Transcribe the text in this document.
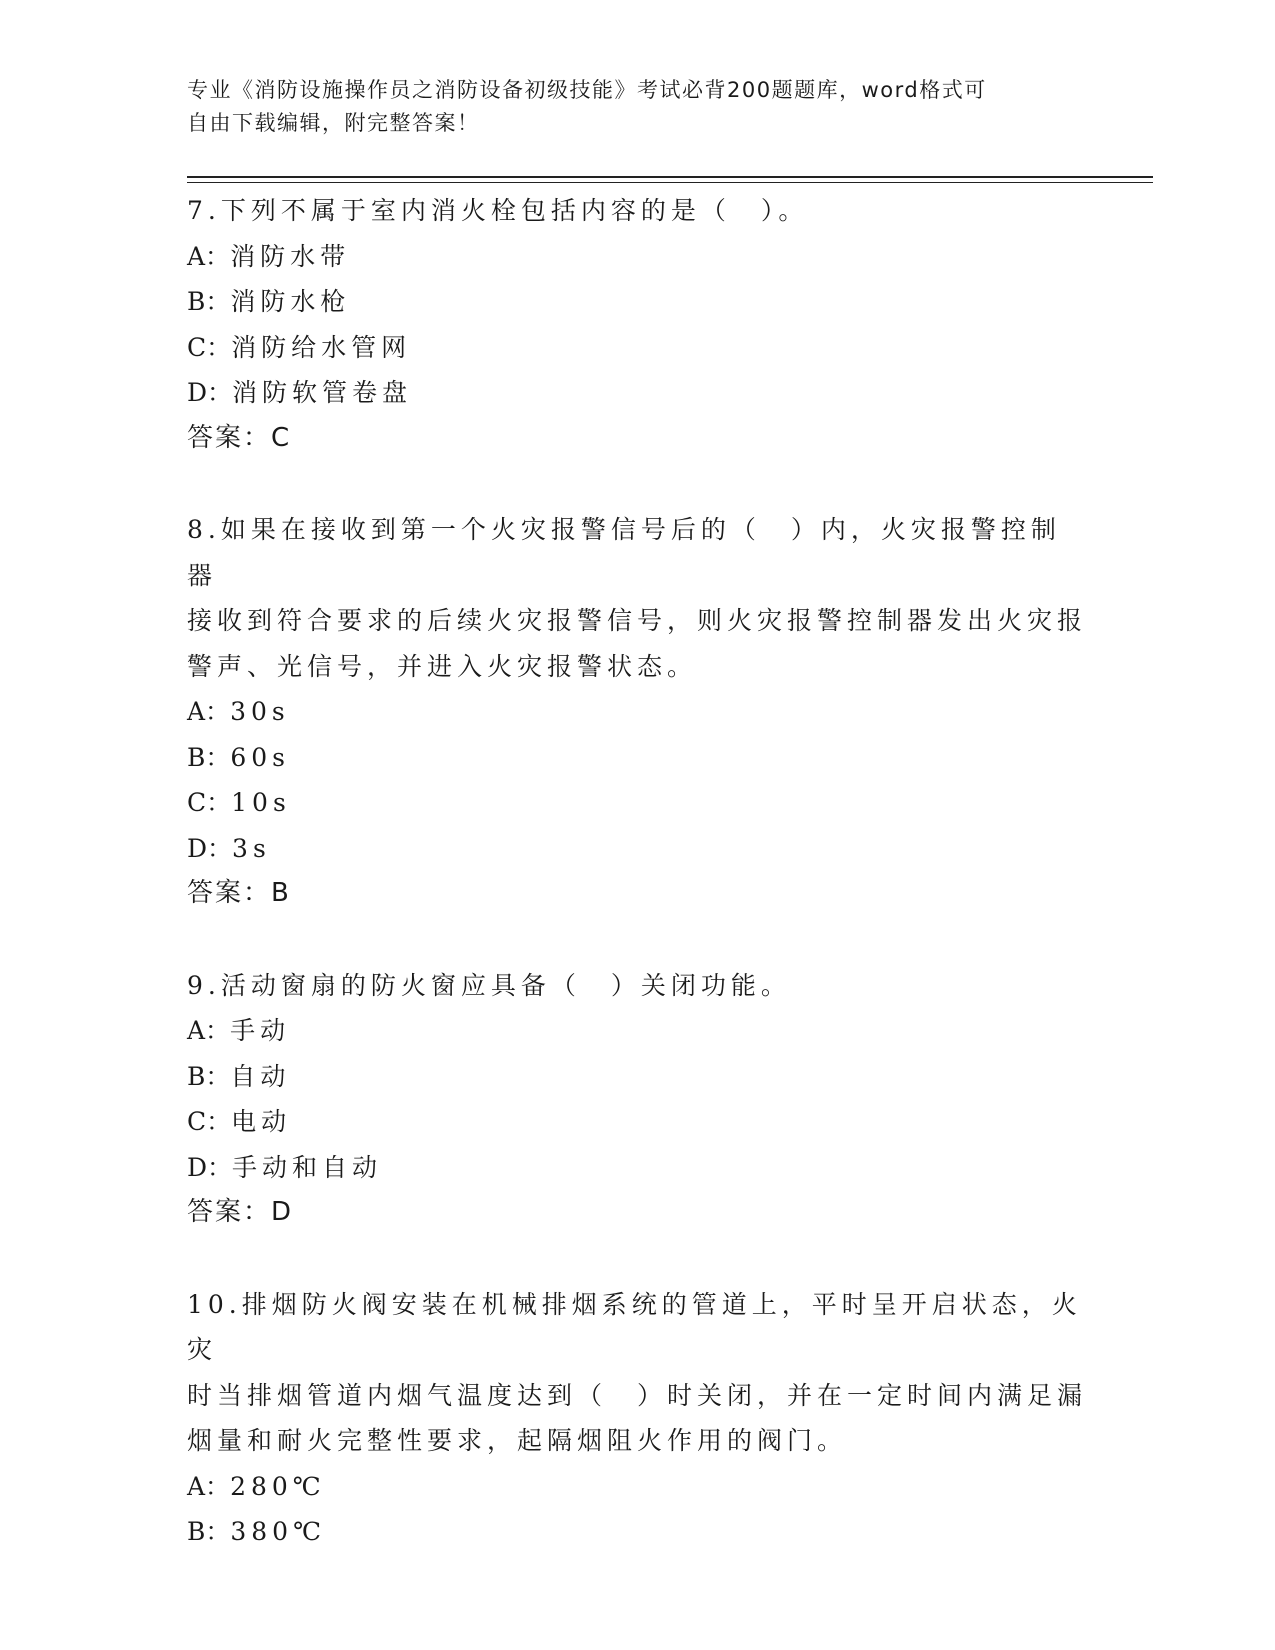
专业《消防设施操作员之消防设备初级技能》考试必背200题题库，word格式可
自由下载编辑，附完整答案！
7.下列不属于室内消火栓包括内容的是（　）。
A：消防水带
B：消防水枪
C：消防给水管网
D：消防软管卷盘
答案：C
8.如果在接收到第一个火灾报警信号后的（　）内，火灾报警控制器
接收到符合要求的后续火灾报警信号，则火灾报警控制器发出火灾报
警声、光信号，并进入火灾报警状态。
A：30s
B：60s
C：10s
D：3s
答案：B
9.活动窗扇的防火窗应具备（　）关闭功能。
A：手动
B：自动
C：电动
D：手动和自动
答案：D
10.排烟防火阀安装在机械排烟系统的管道上，平时呈开启状态，火灾
时当排烟管道内烟气温度达到（　）时关闭，并在一定时间内满足漏
烟量和耐火完整性要求，起隔烟阻火作用的阀门。
A：280℃
B：380℃
